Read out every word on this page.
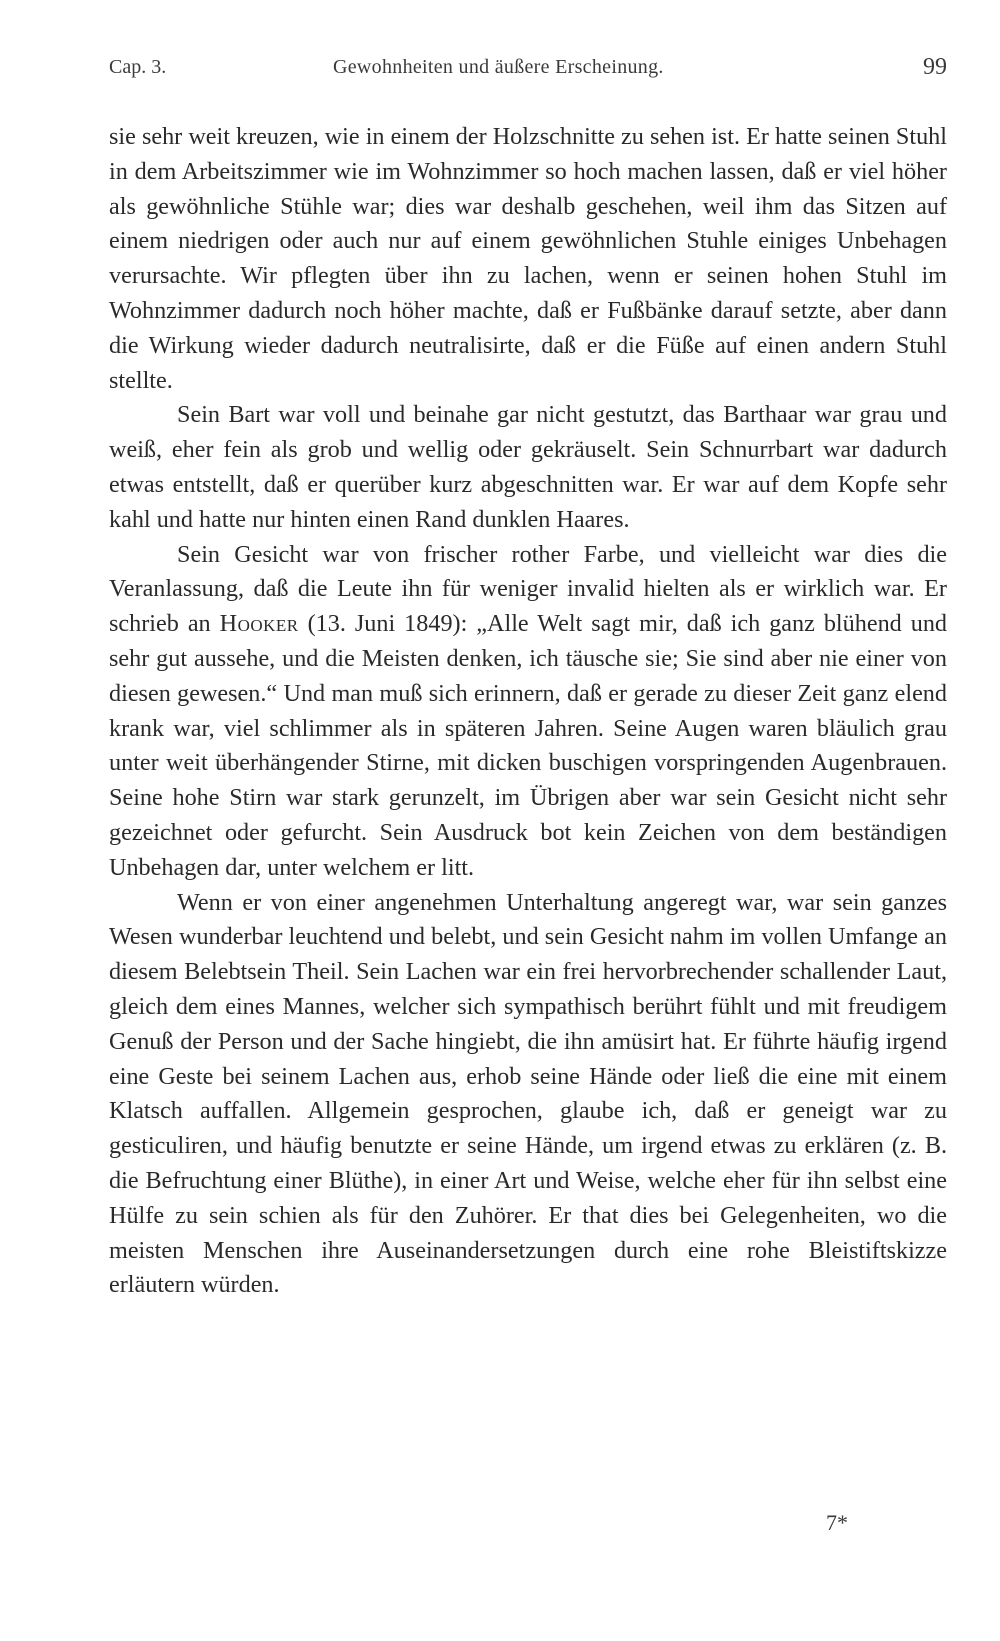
Cap. 3.	Gewohnheiten und äußere Erscheinung.	99

sie sehr weit kreuzen, wie in einem der Holzschnitte zu sehen ist. Er hatte seinen Stuhl in dem Arbeitszimmer wie im Wohnzimmer so hoch machen lassen, daß er viel höher als gewöhnliche Stühle war; dies war deshalb geschehen, weil ihm das Sitzen auf einem niedrigen oder auch nur auf einem gewöhnlichen Stuhle einiges Unbehagen verursachte. Wir pflegten über ihn zu lachen, wenn er seinen hohen Stuhl im Wohnzimmer dadurch noch höher machte, daß er Fußbänke darauf setzte, aber dann die Wirkung wieder dadurch neutralisirte, daß er die Füße auf einen andern Stuhl stellte.

Sein Bart war voll und beinahe gar nicht gestutzt, das Barthaar war grau und weiß, eher fein als grob und wellig oder gekräuselt. Sein Schnurrbart war dadurch etwas entstellt, daß er querüber kurz abgeschnitten war. Er war auf dem Kopfe sehr kahl und hatte nur hinten einen Rand dunklen Haares.

Sein Gesicht war von frischer rother Farbe, und vielleicht war dies die Veranlassung, daß die Leute ihn für weniger invalid hielten als er wirklich war. Er schrieb an Hooker (13. Juni 1849): „Alle Welt sagt mir, daß ich ganz blühend und sehr gut aussehe, und die Meisten denken, ich täusche sie; Sie sind aber nie einer von diesen gewesen.“ Und man muß sich erinnern, daß er gerade zu dieser Zeit ganz elend krank war, viel schlimmer als in späteren Jahren. Seine Augen waren bläulich grau unter weit überhängender Stirne, mit dicken buschigen vorspringenden Augenbrauen. Seine hohe Stirn war stark gerunzelt, im Übrigen aber war sein Gesicht nicht sehr gezeichnet oder gefurcht. Sein Ausdruck bot kein Zeichen von dem beständigen Unbehagen dar, unter welchem er litt.

Wenn er von einer angenehmen Unterhaltung angeregt war, war sein ganzes Wesen wunderbar leuchtend und belebt, und sein Gesicht nahm im vollen Umfange an diesem Belebtsein Theil. Sein Lachen war ein frei hervorbrechender schallender Laut, gleich dem eines Mannes, welcher sich sympathisch berührt fühlt und mit freudigem Genuß der Person und der Sache hingiebt, die ihn amüsirt hat. Er führte häufig irgend eine Geste bei seinem Lachen aus, erhob seine Hände oder ließ die eine mit einem Klatsch auffallen. Allgemein gesprochen, glaube ich, daß er geneigt war zu gesticuliren, und häufig benutzte er seine Hände, um irgend etwas zu erklären (z. B. die Befruchtung einer Blüthe), in einer Art und Weise, welche eher für ihn selbst eine Hülfe zu sein schien als für den Zuhörer. Er that dies bei Gelegenheiten, wo die meisten Menschen ihre Auseinandersetzungen durch eine rohe Bleistiftskizze erläutern würden.

7*
